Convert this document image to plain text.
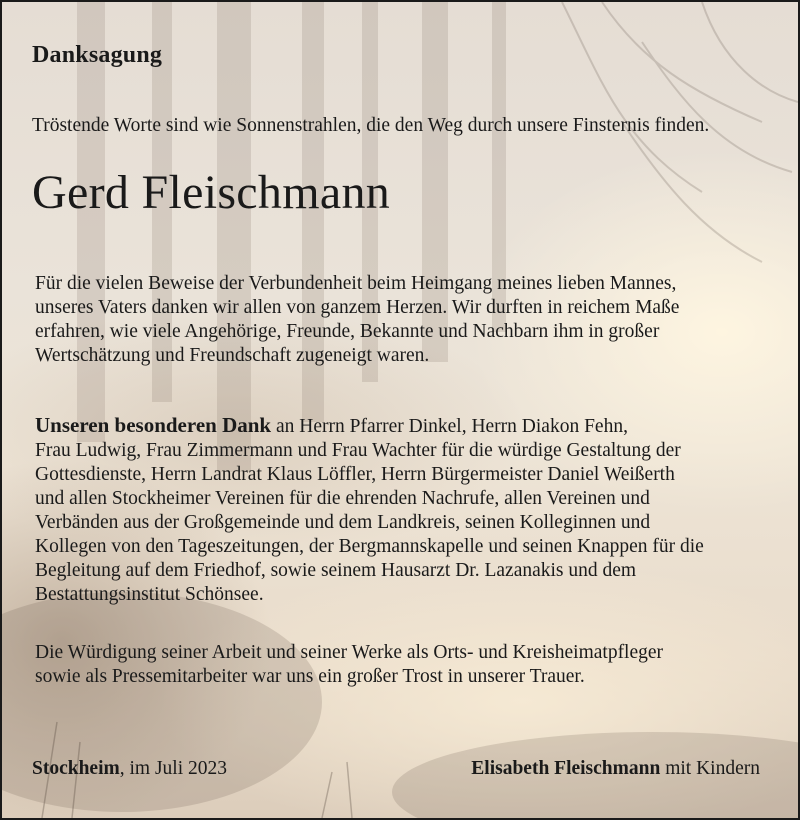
Danksagung
Tröstende Worte sind wie Sonnenstrahlen, die den Weg durch unsere Finsternis finden.
Gerd Fleischmann
Für die vielen Beweise der Verbundenheit beim Heimgang meines lieben Mannes,
unseres Vaters danken wir allen von ganzem Herzen. Wir durften in reichem Maße
erfahren, wie viele Angehörige, Freunde, Bekannte und Nachbarn ihm in großer
Wertschätzung und Freundschaft zugeneigt waren.
Unseren besonderen Dank an Herrn Pfarrer Dinkel, Herrn Diakon Fehn,
Frau Ludwig, Frau Zimmermann und Frau Wachter für die würdige Gestaltung der
Gottesdienste, Herrn Landrat Klaus Löffler, Herrn Bürgermeister Daniel Weißerth
und allen Stockheimer Vereinen für die ehrenden Nachrufe, allen Vereinen und
Verbänden aus der Großgemeinde und dem Landkreis, seinen Kolleginnen und
Kollegen von den Tageszeitungen, der Bergmannskapelle und seinen Knappen für die
Begleitung auf dem Friedhof, sowie seinem Hausarzt Dr. Lazanakis und dem
Bestattungsinstitut Schönsee.
Die Würdigung seiner Arbeit und seiner Werke als Orts- und Kreisheimatpfleger
sowie als Pressemitarbeiter war uns ein großer Trost in unserer Trauer.
Stockheim, im Juli 2023	Elisabeth Fleischmann mit Kindern
